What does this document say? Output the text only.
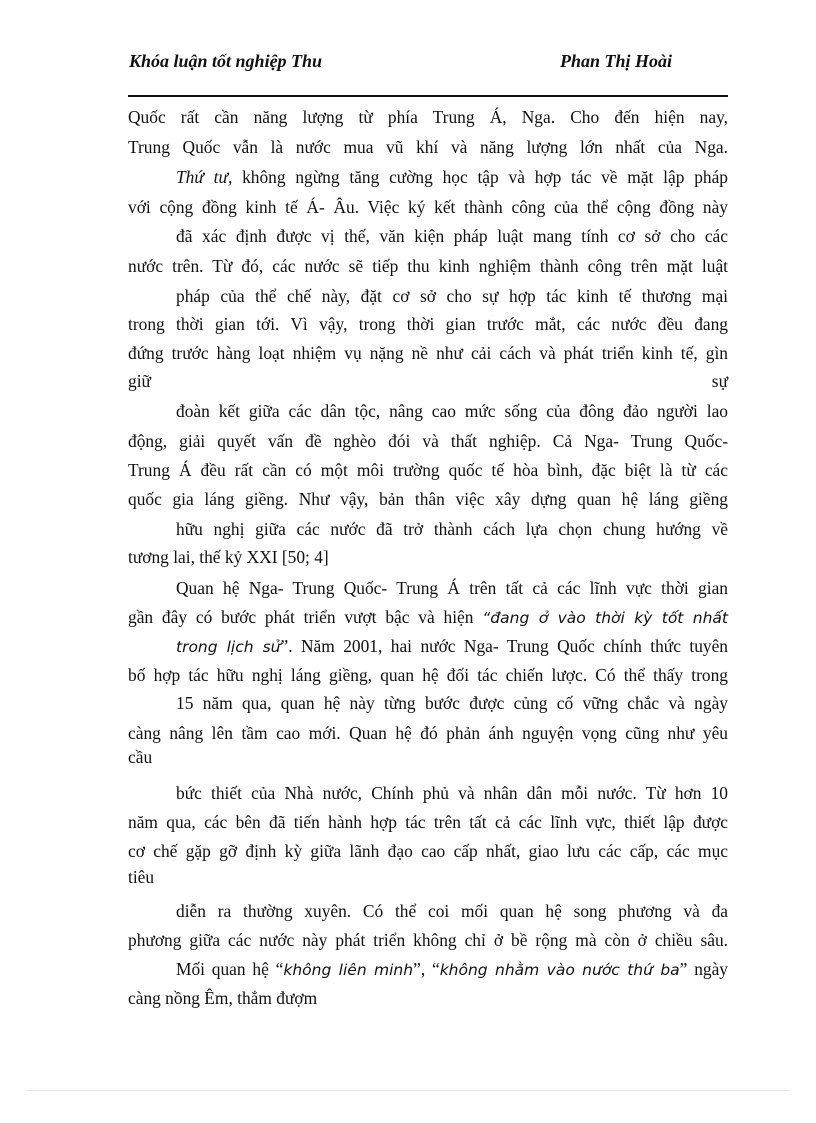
Khóa luận tốt nghiệp Thu	Phan Thị Hoài
Quốc rất cần năng lượng từ phía Trung Á, Nga. Cho đến hiện nay,
Trung Quốc vẫn là nước mua vũ khí và năng lượng lớn nhất của Nga.
Thứ tư, không ngừng tăng cường học tập và hợp tác về mặt lập pháp
với cộng đồng kinh tế Á- Âu. Việc ký kết thành công của thể cộng đồng này
đã xác định được vị thế, văn kiện pháp luật mang tính cơ sở cho các
nước trên. Từ đó, các nước sẽ tiếp thu kinh nghiệm thành công trên mặt luật
pháp của thể chế này, đặt cơ sở cho sự hợp tác kinh tế thương mại
trong thời gian tới. Vì vậy, trong thời gian trước mắt, các nước đều đang
đứng trước hàng loạt nhiệm vụ nặng nề như cải cách và phát triển kinh tế, gìn
giữ	sự
đoàn kết giữa các dân tộc, nâng cao mức sống của đông đảo người lao
động, giải quyết vấn đề nghèo đói và thất nghiệp. Cả Nga- Trung Quốc-
Trung Á đều rất cần có một môi trường quốc tế hòa bình, đặc biệt là từ các
quốc gia láng giềng. Như vậy, bản thân việc xây dựng quan hệ láng giềng
hữu nghị giữa các nước đã trở thành cách lựa chọn chung hướng về
tương lai, thế kỷ XXI [50; 4]
Quan hệ Nga- Trung Quốc- Trung Á trên tất cả các lĩnh vực thời gian
gần đây có bước phát triển vượt bậc và hiện “đang ở vào thời kỳ tốt nhất
trong lịch sử”. Năm 2001, hai nước Nga- Trung Quốc chính thức tuyên
bố hợp tác hữu nghị láng giềng, quan hệ đối tác chiến lược. Có thể thấy trong
15 năm qua, quan hệ này từng bước được củng cố vững chắc và ngày
càng nâng lên tầm cao mới. Quan hệ đó phản ánh nguyện vọng cũng như yêu
cầu
bức thiết của Nhà nước, Chính phủ và nhân dân mỗi nước. Từ hơn 10
năm qua, các bên đã tiến hành hợp tác trên tất cả các lĩnh vực, thiết lập được
cơ chế gặp gỡ định kỳ giữa lãnh đạo cao cấp nhất, giao lưu các cấp, các mục
tiêu
diễn ra thường xuyên. Có thể coi mối quan hệ song phương và đa
phương giữa các nước này phát triển không chỉ ở bề rộng mà còn ở chiều sâu.
Mối quan hệ “không liên minh”, “không nhằm vào nước thứ ba” ngày
càng nồng Êm, thắm đượm
